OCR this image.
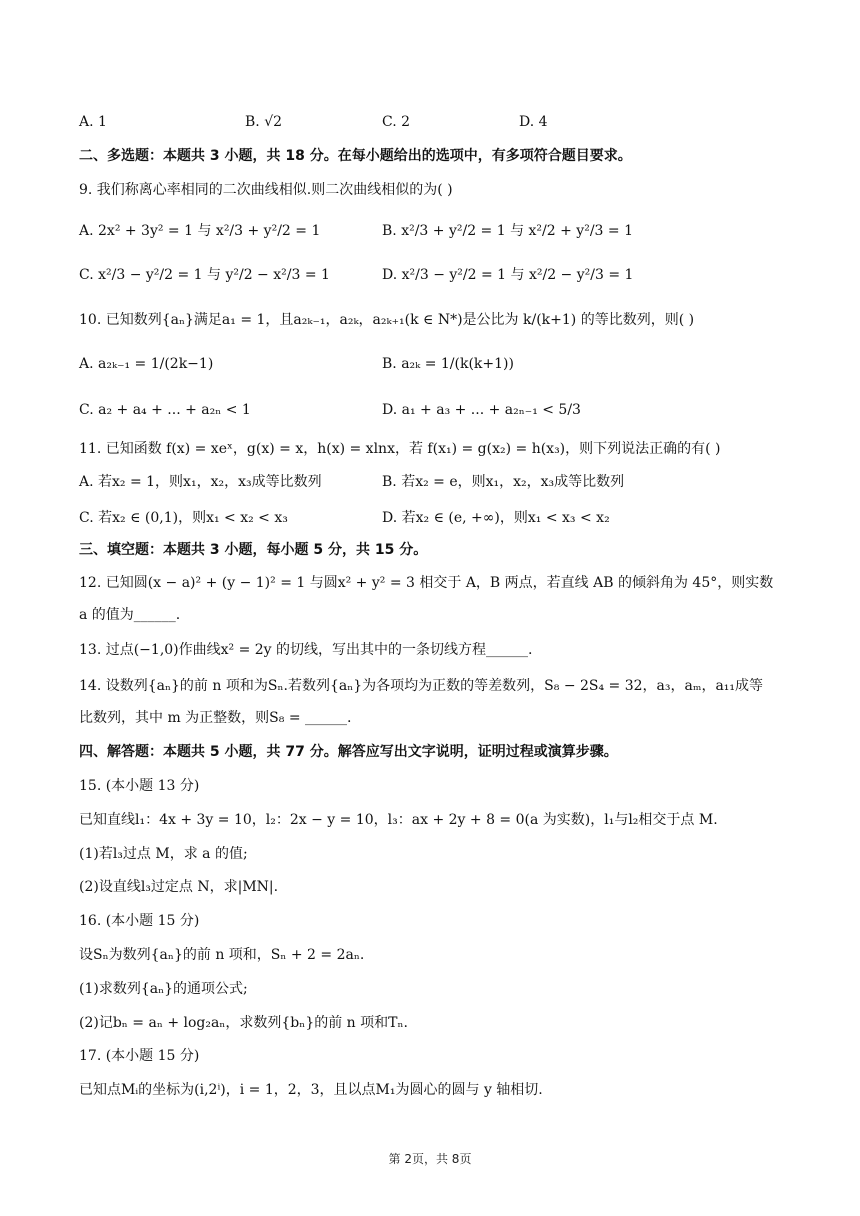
A. 1	B. √2	C. 2	D. 4
二、多选题：本题共 3 小题，共 18 分。在每小题给出的选项中，有多项符合题目要求。
9. 我们称离心率相同的二次曲线相似.则二次曲线相似的为( )
A. 2x² + 3y² = 1 与 x²/3 + y²/2 = 1	B. x²/3 + y²/2 = 1 与 x²/2 + y²/3 = 1
C. x²/3 − y²/2 = 1 与 y²/2 − x²/3 = 1	D. x²/3 − y²/2 = 1 与 x²/2 − y²/3 = 1
10. 已知数列{aₙ}满足a₁ = 1，且a₂ₖ₋₁，a₂ₖ，a₂ₖ₊₁(k ∈ N*)是公比为 k/(k+1) 的等比数列，则( )
A. a₂ₖ₋₁ = 1/(2k−1)	B. a₂ₖ = 1/(k(k+1))
C. a₂ + a₄ + ... + a₂ₙ < 1	D. a₁ + a₃ + ... + a₂ₙ₋₁ < 5/3
11. 已知函数 f(x) = xeˣ，g(x) = x，h(x) = xlnx，若 f(x₁) = g(x₂) = h(x₃)，则下列说法正确的有( )
A. 若x₂ = 1，则x₁，x₂，x₃成等比数列	B. 若x₂ = e，则x₁，x₂，x₃成等比数列
C. 若x₂ ∈ (0,1)，则x₁ < x₂ < x₃	D. 若x₂ ∈ (e, +∞)，则x₁ < x₃ < x₂
三、填空题：本题共 3 小题，每小题 5 分，共 15 分。
12. 已知圆(x − a)² + (y − 1)² = 1 与圆x² + y² = 3 相交于 A，B 两点，若直线 AB 的倾斜角为 45°，则实数
a 的值为______.
13. 过点(−1,0)作曲线x² = 2y 的切线，写出其中的一条切线方程______.
14. 设数列{aₙ}的前 n 项和为Sₙ.若数列{aₙ}为各项均为正数的等差数列，S₈ − 2S₄ = 32，a₃，aₘ，a₁₁成等
比数列，其中 m 为正整数，则S₈ = ______.
四、解答题：本题共 5 小题，共 77 分。解答应写出文字说明，证明过程或演算步骤。
15. (本小题 13 分)
已知直线l₁：4x + 3y = 10，l₂：2x − y = 10，l₃：ax + 2y + 8 = 0(a 为实数)，l₁与l₂相交于点 M.
(1)若l₃过点 M，求 a 的值;
(2)设直线l₃过定点 N，求|MN|.
16. (本小题 15 分)
设Sₙ为数列{aₙ}的前 n 项和，Sₙ + 2 = 2aₙ.
(1)求数列{aₙ}的通项公式;
(2)记bₙ = aₙ + log₂aₙ，求数列{bₙ}的前 n 项和Tₙ.
17. (本小题 15 分)
已知点Mᵢ的坐标为(i,2ⁱ)，i = 1，2，3，且以点M₁为圆心的圆与 y 轴相切.
第 2页，共 8页
